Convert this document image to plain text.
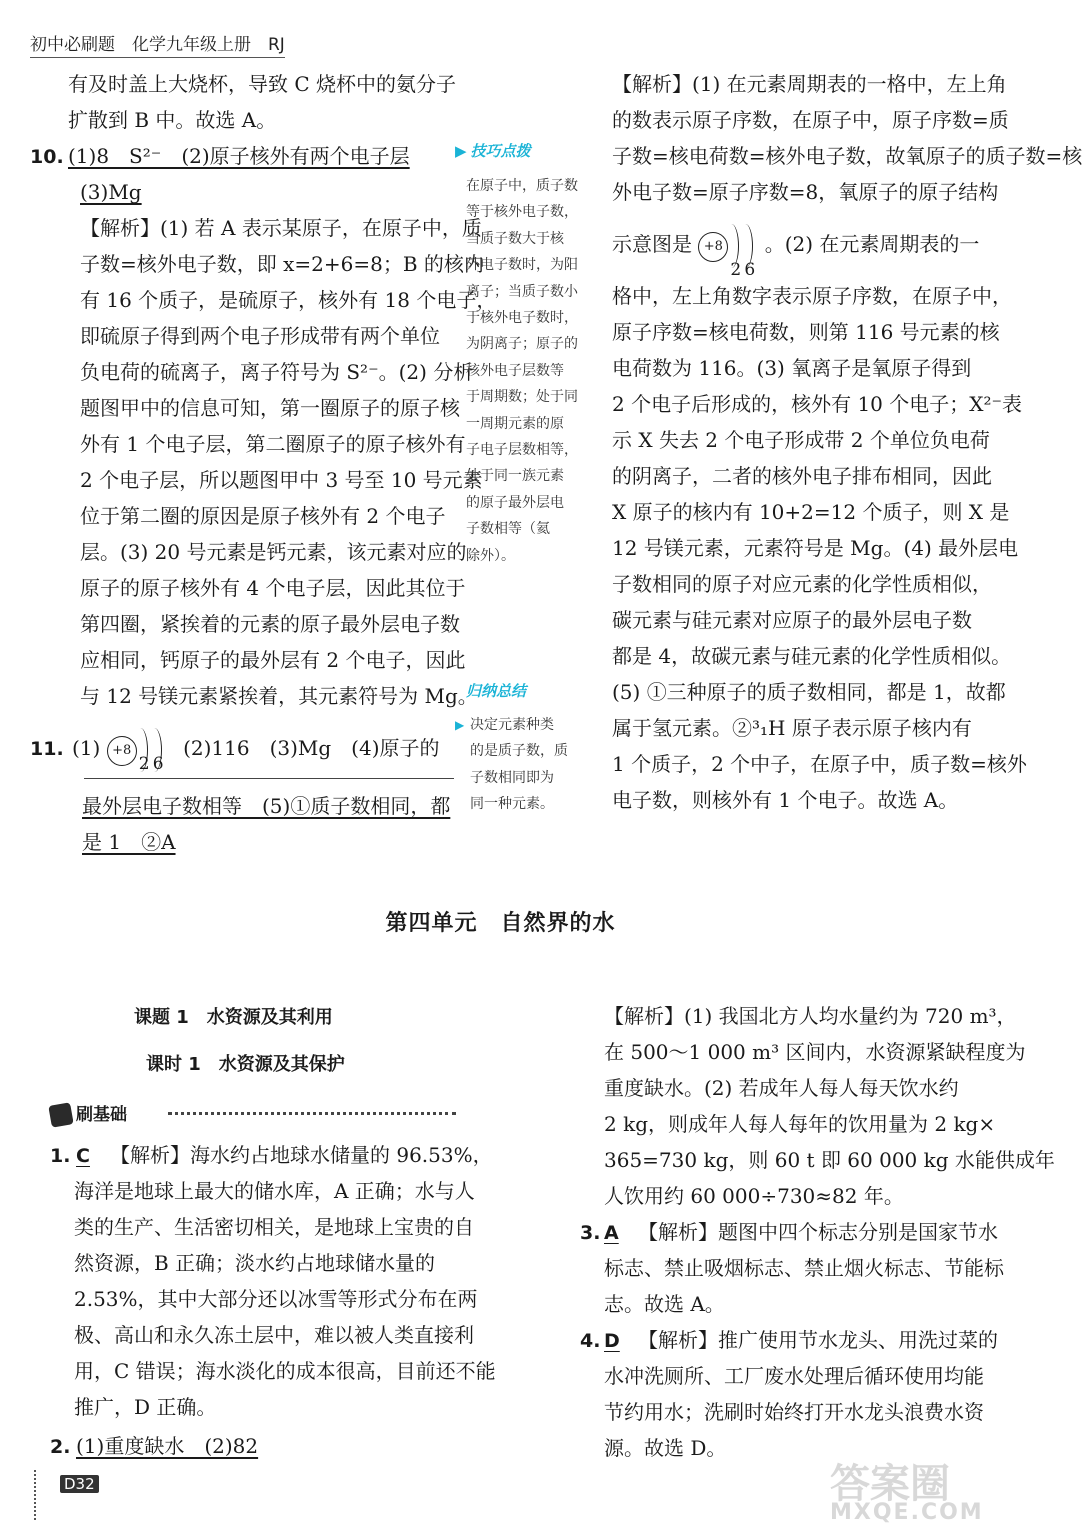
初中必刷题　化学九年级上册　RJ
有及时盖上大烧杯，导致 C 烧杯中的氨分子
扩散到 B 中。故选 A。
10. (1)8　S²⁻　(2)原子核外有两个电子层
(3)Mg
【解析】(1) 若 A 表示某原子，在原子中，质
子数=核外电子数，即 x=2+6=8；B 的核内
有 16 个质子，是硫原子，核外有 18 个电子，
即硫原子得到两个电子形成带有两个单位
负电荷的硫离子，离子符号为 S²⁻。(2) 分析
题图甲中的信息可知，第一圈原子的原子核
外有 1 个电子层，第二圈原子的原子核外有
2 个电子层，所以题图甲中 3 号至 10 号元素
位于第二圈的原因是原子核外有 2 个电子
层。(3) 20 号元素是钙元素，该元素对应的
原子的原子核外有 4 个电子层，因此其位于
第四圈，紧挨着的元素的原子最外层电子数
应相同，钙原子的最外层有 2 个电子，因此
与 12 号镁元素紧挨着，其元素符号为 Mg。
11. (1) +8
2 6
(2)116　(3)Mg　(4)原子的
最外层电子数相等　(5)①质子数相同，都
是 1　②A
▶ 技巧点拨
在原子中，质子数
等于核外电子数，
当质子数大于核
外电子数时，为阳
离子；当质子数小
于核外电子数时，
为阴离子；原子的
核外电子层数等
于周期数；处于同
一周期元素的原
子电子层数相等，
处于同一族元素
的原子最外层电
子数相等（氦
除外）。
归纳总结
▶ 决定元素种类
的是质子数，质
子数相同即为
同一种元素。
【解析】(1) 在元素周期表的一格中，左上角
的数表示原子序数，在原子中，原子序数=质
子数=核电荷数=核外电子数，故氧原子的质子数=核
外电子数=原子序数=8，氧原子的原子结构
示意图是 +8
2 6
。(2) 在元素周期表的一
格中，左上角数字表示原子序数，在原子中，
原子序数=核电荷数，则第 116 号元素的核
电荷数为 116。(3) 氧离子是氧原子得到
2 个电子后形成的，核外有 10 个电子；X²⁻表
示 X 失去 2 个电子形成带 2 个单位负电荷
的阴离子，二者的核外电子排布相同，因此
X 原子的核内有 10+2=12 个质子，则 X 是
12 号镁元素，元素符号是 Mg。(4) 最外层电
子数相同的原子对应元素的化学性质相似，
碳元素与硅元素对应原子的最外层电子数
都是 4，故碳元素与硅元素的化学性质相似。
(5) ①三种原子的质子数相同，都是 1，故都
属于氢元素。②³₁H 原子表示原子核内有
1 个质子，2 个中子，在原子中，质子数=核外
电子数，则核外有 1 个电子。故选 A。
第四单元　自然界的水
课题 1　水资源及其利用
课时 1　水资源及其保护
刷基础
1. C 【解析】海水约占地球水储量的 96.53%，
海洋是地球上最大的储水库，A 正确；水与人
类的生产、生活密切相关，是地球上宝贵的自
然资源，B 正确；淡水约占地球储水量的
2.53%，其中大部分还以冰雪等形式分布在两
极、高山和永久冻土层中，难以被人类直接利
用，C 错误；海水淡化的成本很高，目前还不能
推广，D 正确。
2. (1)重度缺水　(2)82
D32
【解析】(1) 我国北方人均水量约为 720 m³，
在 500～1 000 m³ 区间内，水资源紧缺程度为
重度缺水。(2) 若成年人每人每天饮水约
2 kg，则成年人每人每年的饮用量为 2 kg×
365=730 kg，则 60 t 即 60 000 kg 水能供成年
人饮用约 60 000÷730≈82 年。
3. A 【解析】题图中四个标志分别是国家节水
标志、禁止吸烟标志、禁止烟火标志、节能标
志。故选 A。
4. D 【解析】推广使用节水龙头、用洗过菜的
水冲洗厕所、工厂废水处理后循环使用均能
节约用水；洗刷时始终打开水龙头浪费水资
源。故选 D。
答案圈
MXQE.COM
